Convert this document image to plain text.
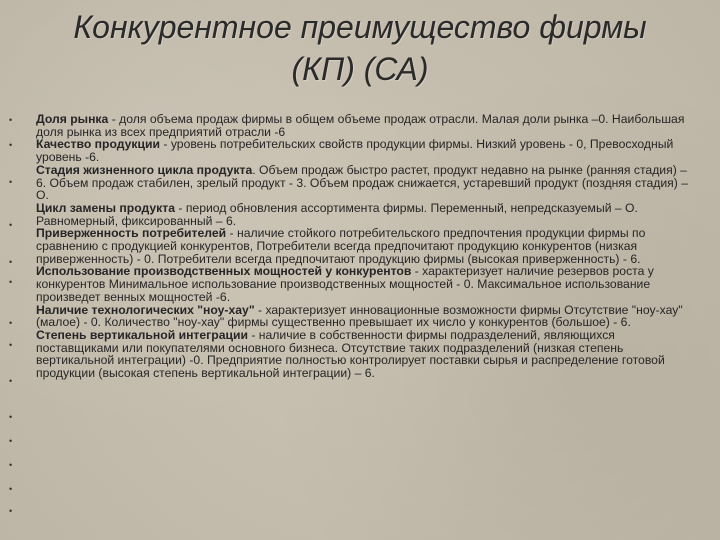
Конкурентное преимущество фирмы
(КП) (СА)
•
•
•
•
•
•
•
•
•
•
•
•
•
•

Доля рынка - доля объема продаж фирмы в общем объеме продаж отрасли. Малая доли рынка –0. Наибольшая доля рынка из всех предприятий отрасли -6

Качество продукции - уровень потребительских свойств продукции фирмы. Низкий уровень - 0, Превосходный уровень -6.

Стадия жизненного цикла продукта. Объем продаж быстро растет, продукт недавно на рынке (ранняя стадия) – 6. Объем продаж стабилен, зрелый продукт - 3. Объем продаж снижается, устаревший продукт (поздняя стадия) – О.

Цикл замены продукта - период обновления ассортимента фирмы. Переменный, непредсказуемый – О. Равномерный, фиксированный – 6.

Приверженность потребителей - наличие стойкого потребительского предпочтения продукции фирмы по сравнению с продукцией конкурентов, Потребители всегда предпочитают продукцию конкурентов (низкая приверженность) - 0. Потребители всегда предпочитают продукцию фирмы (высокая приверженность) - 6.

Использование производственных мощностей у конкурентов - характеризует наличие резервов роста у конкурентов Минимальное использование производственных мощностей - 0. Максимальное использование произведет венных мощностей -6.

Наличие технологических "ноу-хау" - характеризует инновационные возможности фирмы Отсутствие "ноу-хау" (малое) - 0. Количество "ноу-хау" фирмы существенно превышает их число у конкурентов (большое) - 6.

Степень вертикальной интеграции - наличие в собственности фирмы подразделений, являющихся поставщиками или покупателями основного бизнеса. Отсутствие таких подразделений (низкая степень вертикальной интеграции) -0. Предприятие полностью контролирует поставки сырья и распределение готовой продукции (высокая степень вертикальной интеграции) – 6.
